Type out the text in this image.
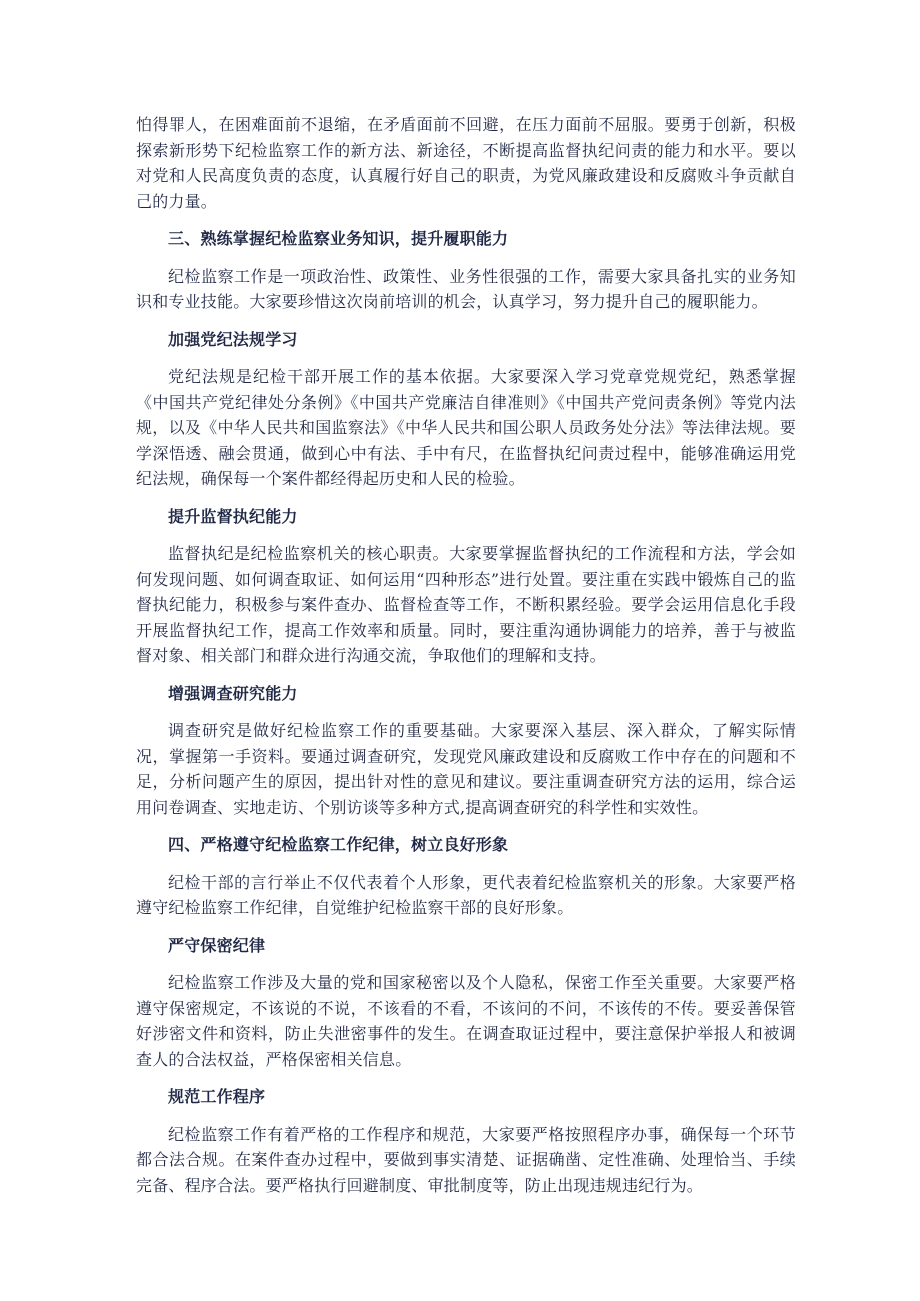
怕得罪人，在困难面前不退缩，在矛盾面前不回避，在压力面前不屈服。要勇于创新，积极探索新形势下纪检监察工作的新方法、新途径，不断提高监督执纪问责的能力和水平。要以对党和人民高度负责的态度，认真履行好自己的职责，为党风廉政建设和反腐败斗争贡献自己的力量。

三、熟练掌握纪检监察业务知识，提升履职能力

纪检监察工作是一项政治性、政策性、业务性很强的工作，需要大家具备扎实的业务知识和专业技能。大家要珍惜这次岗前培训的机会，认真学习，努力提升自己的履职能力。

加强党纪法规学习

党纪法规是纪检干部开展工作的基本依据。大家要深入学习党章党规党纪，熟悉掌握《中国共产党纪律处分条例》《中国共产党廉洁自律准则》《中国共产党问责条例》等党内法规，以及《中华人民共和国监察法》《中华人民共和国公职人员政务处分法》等法律法规。要学深悟透、融会贯通，做到心中有法、手中有尺，在监督执纪问责过程中，能够准确运用党纪法规，确保每一个案件都经得起历史和人民的检验。

提升监督执纪能力

监督执纪是纪检监察机关的核心职责。大家要掌握监督执纪的工作流程和方法，学会如何发现问题、如何调查取证、如何运用“四种形态”进行处置。要注重在实践中锻炼自己的监督执纪能力，积极参与案件查办、监督检查等工作，不断积累经验。要学会运用信息化手段开展监督执纪工作，提高工作效率和质量。同时，要注重沟通协调能力的培养，善于与被监督对象、相关部门和群众进行沟通交流，争取他们的理解和支持。

增强调查研究能力

调查研究是做好纪检监察工作的重要基础。大家要深入基层、深入群众，了解实际情况，掌握第一手资料。要通过调查研究，发现党风廉政建设和反腐败工作中存在的问题和不足，分析问题产生的原因，提出针对性的意见和建议。要注重调查研究方法的运用，综合运用问卷调查、实地走访、个别访谈等多种方式,提高调查研究的科学性和实效性。

四、严格遵守纪检监察工作纪律，树立良好形象

纪检干部的言行举止不仅代表着个人形象，更代表着纪检监察机关的形象。大家要严格遵守纪检监察工作纪律，自觉维护纪检监察干部的良好形象。

严守保密纪律

纪检监察工作涉及大量的党和国家秘密以及个人隐私，保密工作至关重要。大家要严格遵守保密规定，不该说的不说，不该看的不看，不该问的不问，不该传的不传。要妥善保管好涉密文件和资料，防止失泄密事件的发生。在调查取证过程中，要注意保护举报人和被调查人的合法权益，严格保密相关信息。

规范工作程序

纪检监察工作有着严格的工作程序和规范，大家要严格按照程序办事，确保每一个环节都合法合规。在案件查办过程中，要做到事实清楚、证据确凿、定性准确、处理恰当、手续完备、程序合法。要严格执行回避制度、审批制度等，防止出现违规违纪行为。
